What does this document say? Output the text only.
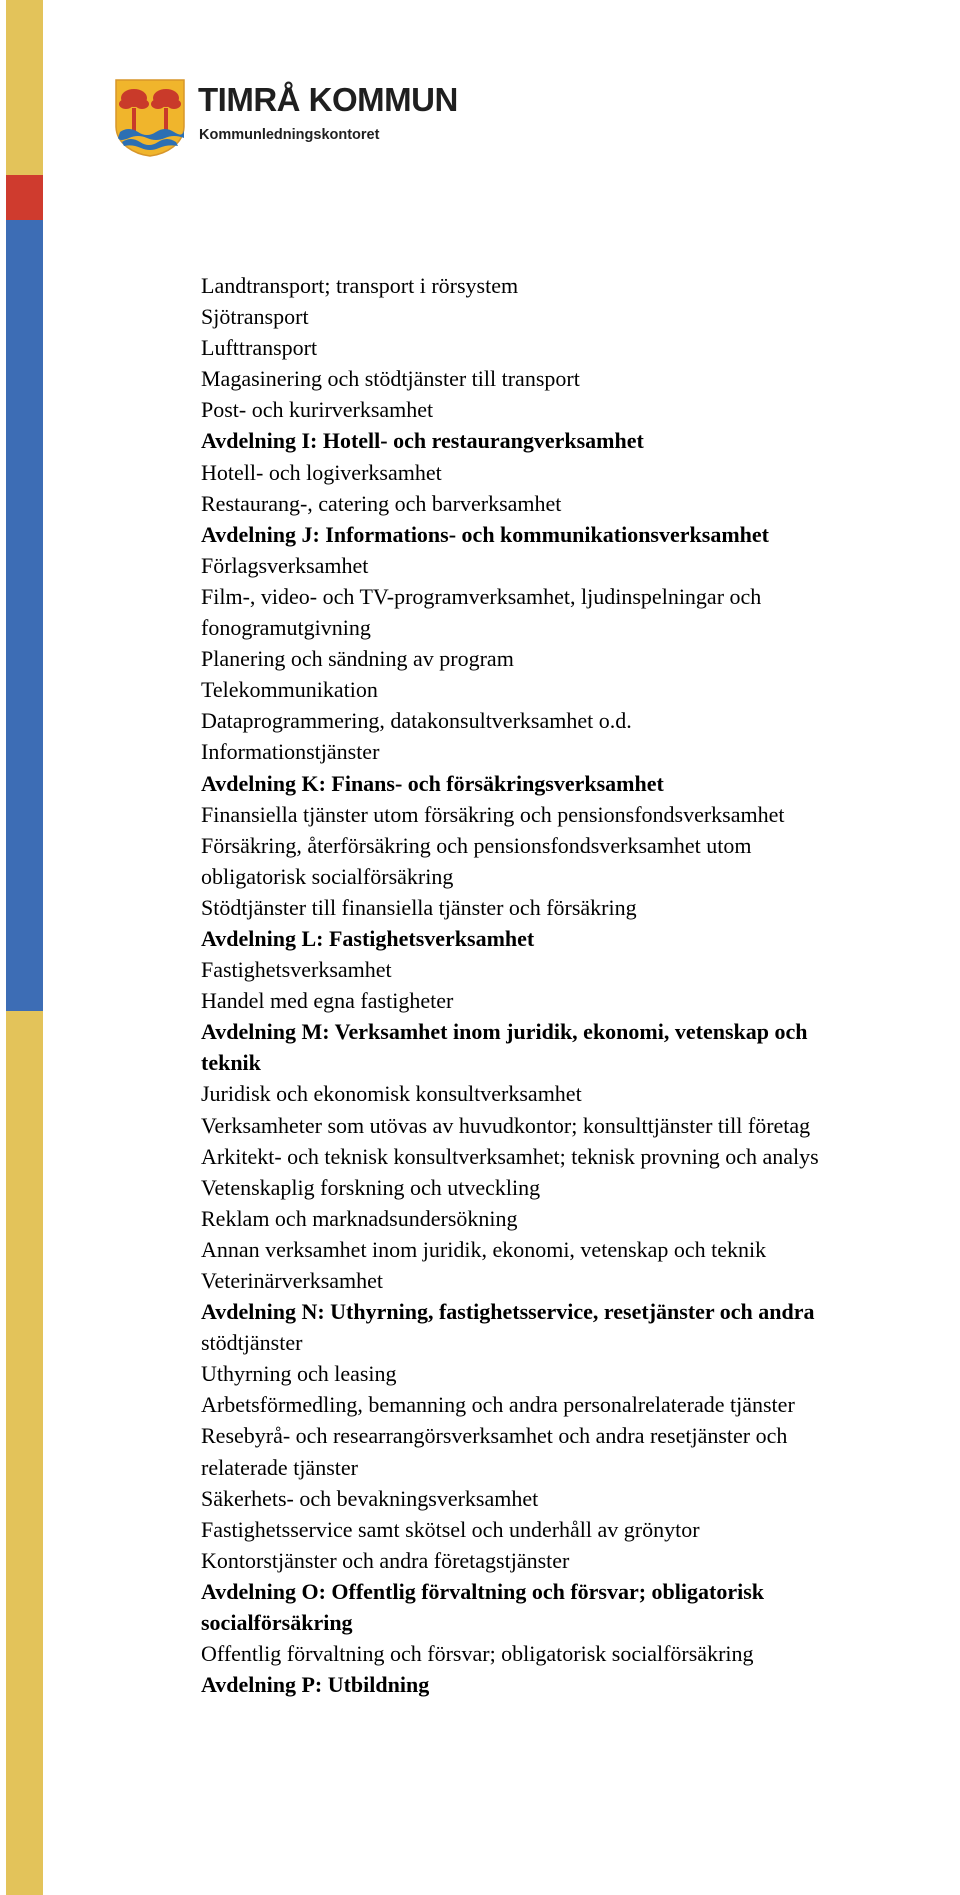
TIMRÅ KOMMUN
Kommunledningskontoret
Landtransport; transport i rörsystem
Sjötransport
Lufttransport
Magasinering och stödtjänster till transport
Post- och kurirverksamhet
Avdelning I: Hotell- och restaurangverksamhet
Hotell- och logiverksamhet
Restaurang-, catering och barverksamhet
Avdelning J: Informations- och kommunikationsverksamhet
Förlagsverksamhet
Film-, video- och TV-programverksamhet, ljudinspelningar och
fonogramutgivning
Planering och sändning av program
Telekommunikation
Dataprogrammering, datakonsultverksamhet o.d.
Informationstjänster
Avdelning K: Finans- och försäkringsverksamhet
Finansiella tjänster utom försäkring och pensionsfondsverksamhet
Försäkring, återförsäkring och pensionsfondsverksamhet utom
obligatorisk socialförsäkring
Stödtjänster till finansiella tjänster och försäkring
Avdelning L: Fastighetsverksamhet
Fastighetsverksamhet
Handel med egna fastigheter
Avdelning M: Verksamhet inom juridik, ekonomi, vetenskap och
teknik
Juridisk och ekonomisk konsultverksamhet
Verksamheter som utövas av huvudkontor; konsulttjänster till företag
Arkitekt- och teknisk konsultverksamhet; teknisk provning och analys
Vetenskaplig forskning och utveckling
Reklam och marknadsundersökning
Annan verksamhet inom juridik, ekonomi, vetenskap och teknik
Veterinärverksamhet
Avdelning N: Uthyrning, fastighetsservice, resetjänster och andra
stödtjänster
Uthyrning och leasing
Arbetsförmedling, bemanning och andra personalrelaterade tjänster
Resebyrå- och researrangörsverksamhet och andra resetjänster och
relaterade tjänster
Säkerhets- och bevakningsverksamhet
Fastighetsservice samt skötsel och underhåll av grönytor
Kontorstjänster och andra företagstjänster
Avdelning O: Offentlig förvaltning och försvar; obligatorisk
socialförsäkring
Offentlig förvaltning och försvar; obligatorisk socialförsäkring
Avdelning P: Utbildning
